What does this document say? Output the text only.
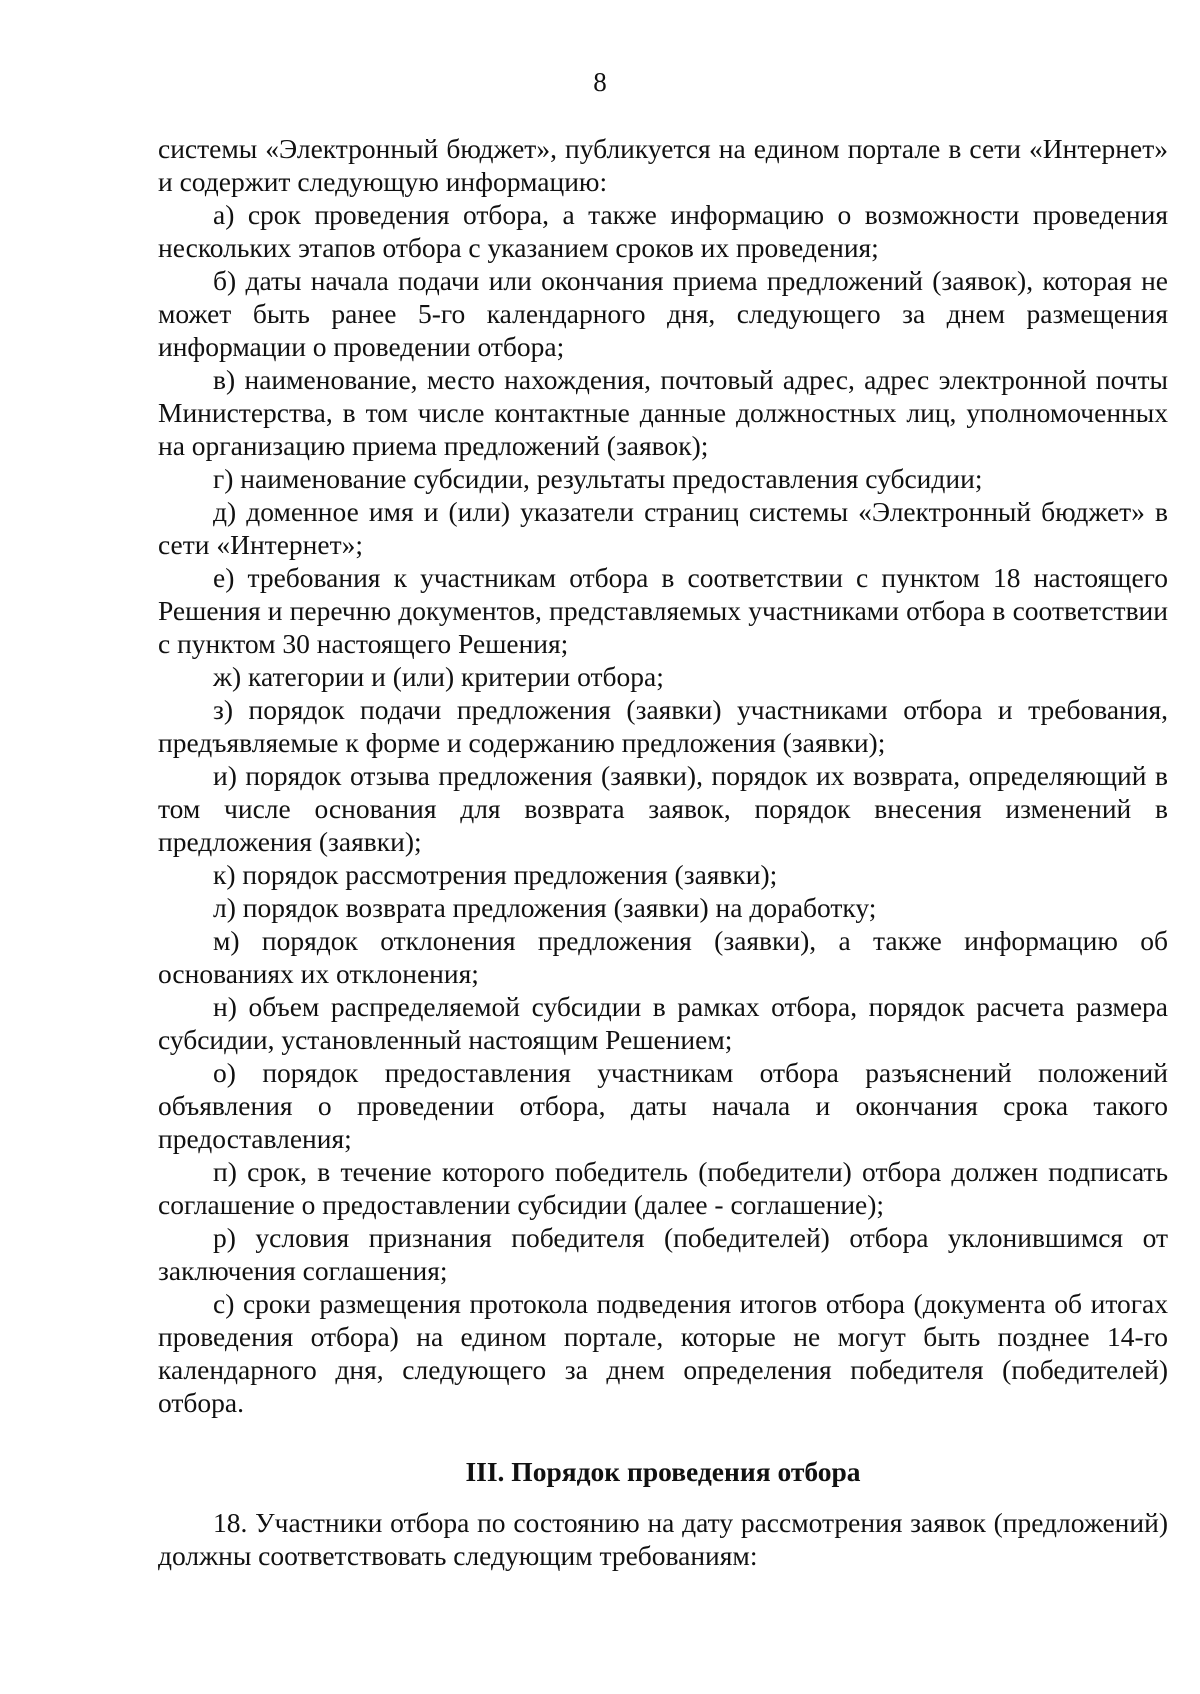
8

системы «Электронный бюджет», публикуется на едином портале в сети «Интернет» и содержит следующую информацию:

а) срок проведения отбора, а также информацию о возможности проведения нескольких этапов отбора с указанием сроков их проведения;

б) даты начала подачи или окончания приема предложений (заявок), которая не может быть ранее 5-го календарного дня, следующего за днем размещения информации о проведении отбора;

в) наименование, место нахождения, почтовый адрес, адрес электронной почты Министерства, в том числе контактные данные должностных лиц, уполномоченных на организацию приема предложений (заявок);

г) наименование субсидии, результаты предоставления субсидии;

д) доменное имя и (или) указатели страниц системы «Электронный бюджет» в сети «Интернет»;

е) требования к участникам отбора в соответствии с пунктом 18 настоящего Решения и перечню документов, представляемых участниками отбора в соответствии с пунктом 30 настоящего Решения;

ж) категории и (или) критерии отбора;

з) порядок подачи предложения (заявки) участниками отбора и требования, предъявляемые к форме и содержанию предложения (заявки);

и) порядок отзыва предложения (заявки), порядок их возврата, определяющий в том числе основания для возврата заявок, порядок внесения изменений в предложения (заявки);

к) порядок рассмотрения предложения (заявки);

л) порядок возврата предложения (заявки) на доработку;

м) порядок отклонения предложения (заявки), а также информацию об основаниях их отклонения;

н) объем распределяемой субсидии в рамках отбора, порядок расчета размера субсидии, установленный настоящим Решением;

о) порядок предоставления участникам отбора разъяснений положений объявления о проведении отбора, даты начала и окончания срока такого предоставления;

п) срок, в течение которого победитель (победители) отбора должен подписать соглашение о предоставлении субсидии (далее - соглашение);

р) условия признания победителя (победителей) отбора уклонившимся от заключения соглашения;

с) сроки размещения протокола подведения итогов отбора (документа об итогах проведения отбора) на едином портале, которые не могут быть позднее 14-го календарного дня, следующего за днем определения победителя (победителей) отбора.

III. Порядок проведения отбора

18. Участники отбора по состоянию на дату рассмотрения заявок (предложений) должны соответствовать следующим требованиям:
